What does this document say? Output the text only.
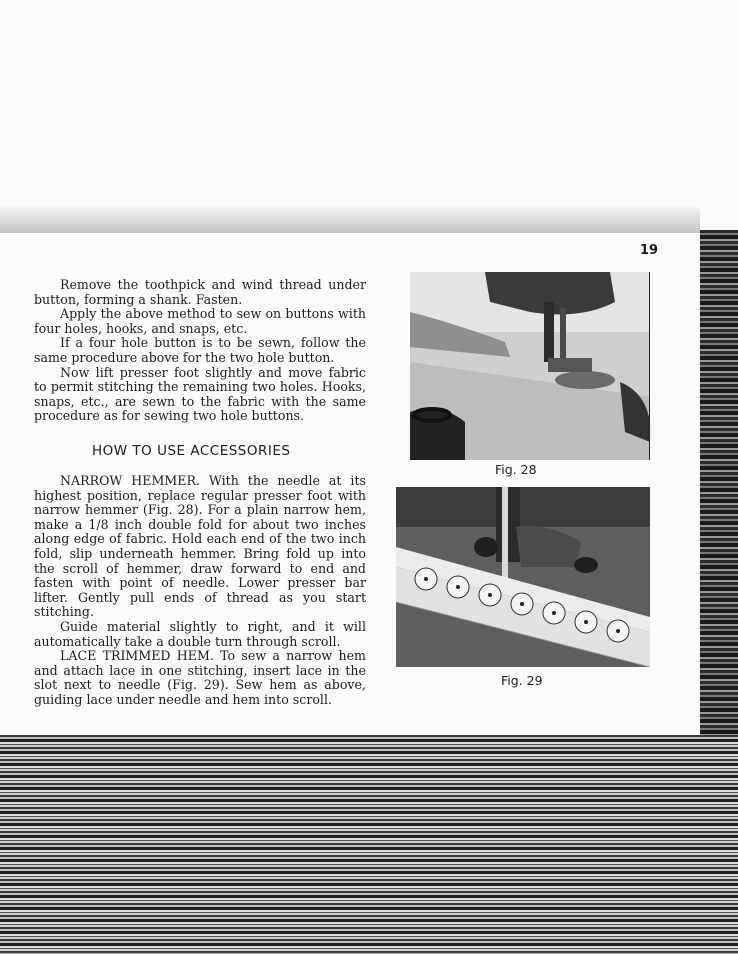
19

Remove the toothpick and wind thread under button, forming a shank. Fasten.

Apply the above method to sew on buttons with four holes, hooks, and snaps, etc.

If a four hole button is to be sewn, follow the same procedure above for the two hole button.

Now lift presser foot slightly and move fabric to permit stitching the remaining two holes. Hooks, snaps, etc., are sewn to the fabric with the same procedure as for sewing two hole buttons.

HOW TO USE ACCESSORIES

NARROW HEMMER. With the needle at its highest position, replace regular presser foot with narrow hemmer (Fig. 28). For a plain narrow hem, make a 1/8 inch double fold for about two inches along edge of fabric. Hold each end of the two inch fold, slip underneath hemmer. Bring fold up into the scroll of hemmer, draw forward to end and fasten with point of needle. Lower presser bar lifter. Gently pull ends of thread as you start stitching.

Guide material slightly to right, and it will automatically take a double turn through scroll.

LACE TRIMMED HEM. To sew a narrow hem and attach lace in one stitching, insert lace in the slot next to needle (Fig. 29). Sew hem as above, guiding lace under needle and hem into scroll.

Fig. 28
Fig. 29
